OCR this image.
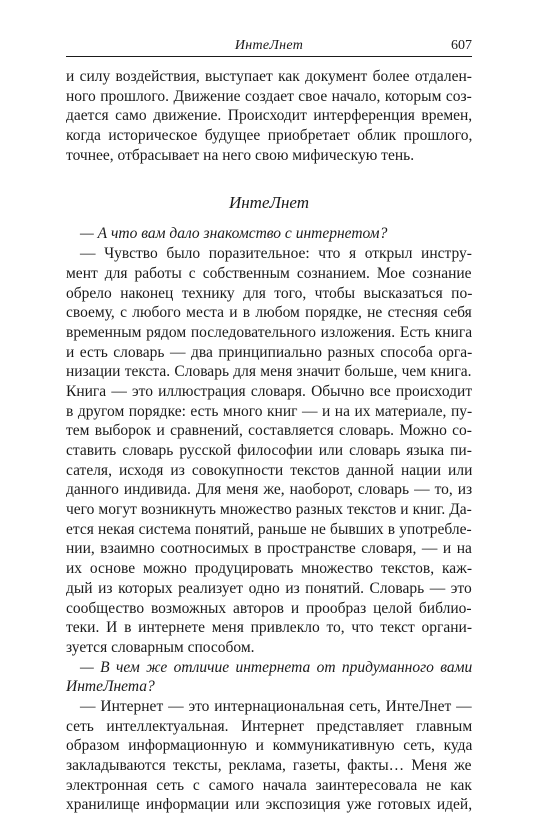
ИнтеЛнет	607
и силу воздействия, выступает как документ более отдален-
ного прошлого. Движение создает свое начало, которым соз-
дается само движение. Происходит интерференция времен,
когда историческое будущее приобретает облик прошлого,
точнее, отбрасывает на него свою мифическую тень.
ИнтеЛнет
— А что вам дало знакомство с интернетом?
— Чувство было поразительное: что я открыл инстру-
мент для работы с собственным сознанием. Мое сознание
обрело наконец технику для того, чтобы высказаться по-
своему, с любого места и в любом порядке, не стесняя себя
временным рядом последовательного изложения. Есть книга
и есть словарь — два принципиально разных способа орга-
низации текста. Словарь для меня значит больше, чем книга.
Книга — это иллюстрация словаря. Обычно все происходит
в другом порядке: есть много книг — и на их материале, пу-
тем выборок и сравнений, составляется словарь. Можно со-
ставить словарь русской философии или словарь языка пи-
сателя, исходя из совокупности текстов данной нации или
данного индивида. Для меня же, наоборот, словарь — то, из
чего могут возникнуть множество разных текстов и книг. Да-
ется некая система понятий, раньше не бывших в употребле-
нии, взаимно соотносимых в пространстве словаря, — и на
их основе можно продуцировать множество текстов, каж-
дый из которых реализует одно из понятий. Словарь — это
сообщество возможных авторов и прообраз целой библио-
теки. И в интернете меня привлекло то, что текст органи-
зуется словарным способом.
— В чем же отличие интернета от придуманного вами
ИнтеЛнета?
— Интернет — это интернациональная сеть, ИнтеЛнет —
сеть интеллектуальная. Интернет представляет главным
образом информационную и коммуникативную сеть, куда
закладываются тексты, реклама, газеты, факты… Меня же
электронная сеть с самого начала заинтересовала не как
хранилище информации или экспозиция уже готовых идей,
